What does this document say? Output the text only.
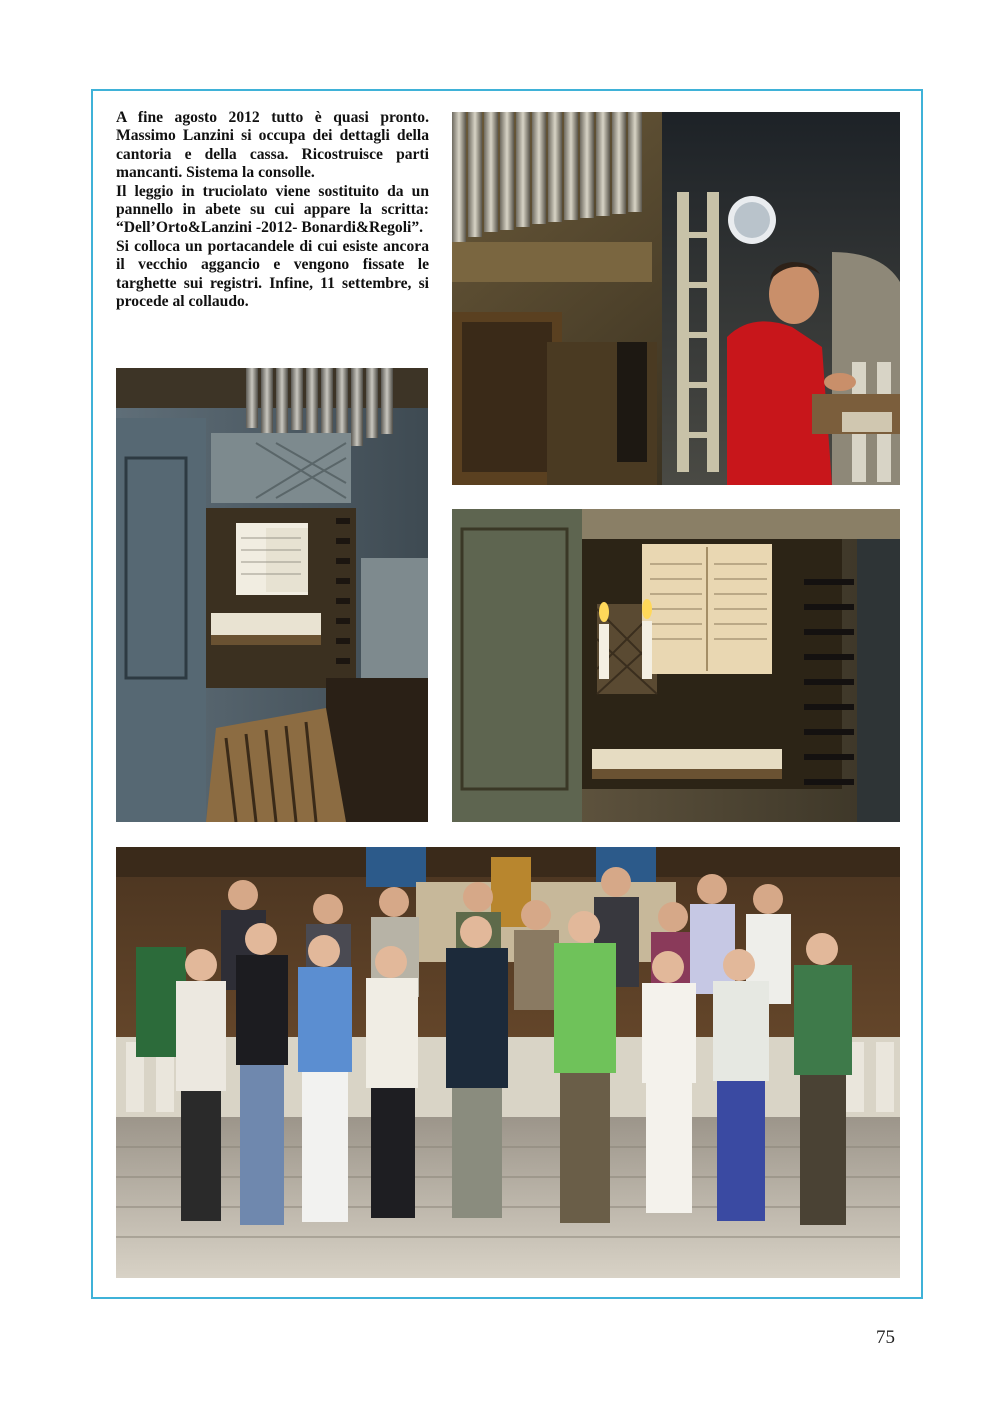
A fine agosto 2012 tutto è quasi pronto. Massimo Lanzini si occupa dei dettagli della cantoria e della cassa. Ricostruisce parti mancanti. Sistema la consolle.

Il leggio in truciolato viene sostituito da un pannello in abete su cui appare la scritta: “Dell’Orto&Lanzini -2012- Bonardi&Regoli”.

Si colloca un portacandele di cui esiste ancora il vecchio aggancio e vengono fissate le targhette sui registri. Infine, 11 settembre, si procede al collaudo.

75
